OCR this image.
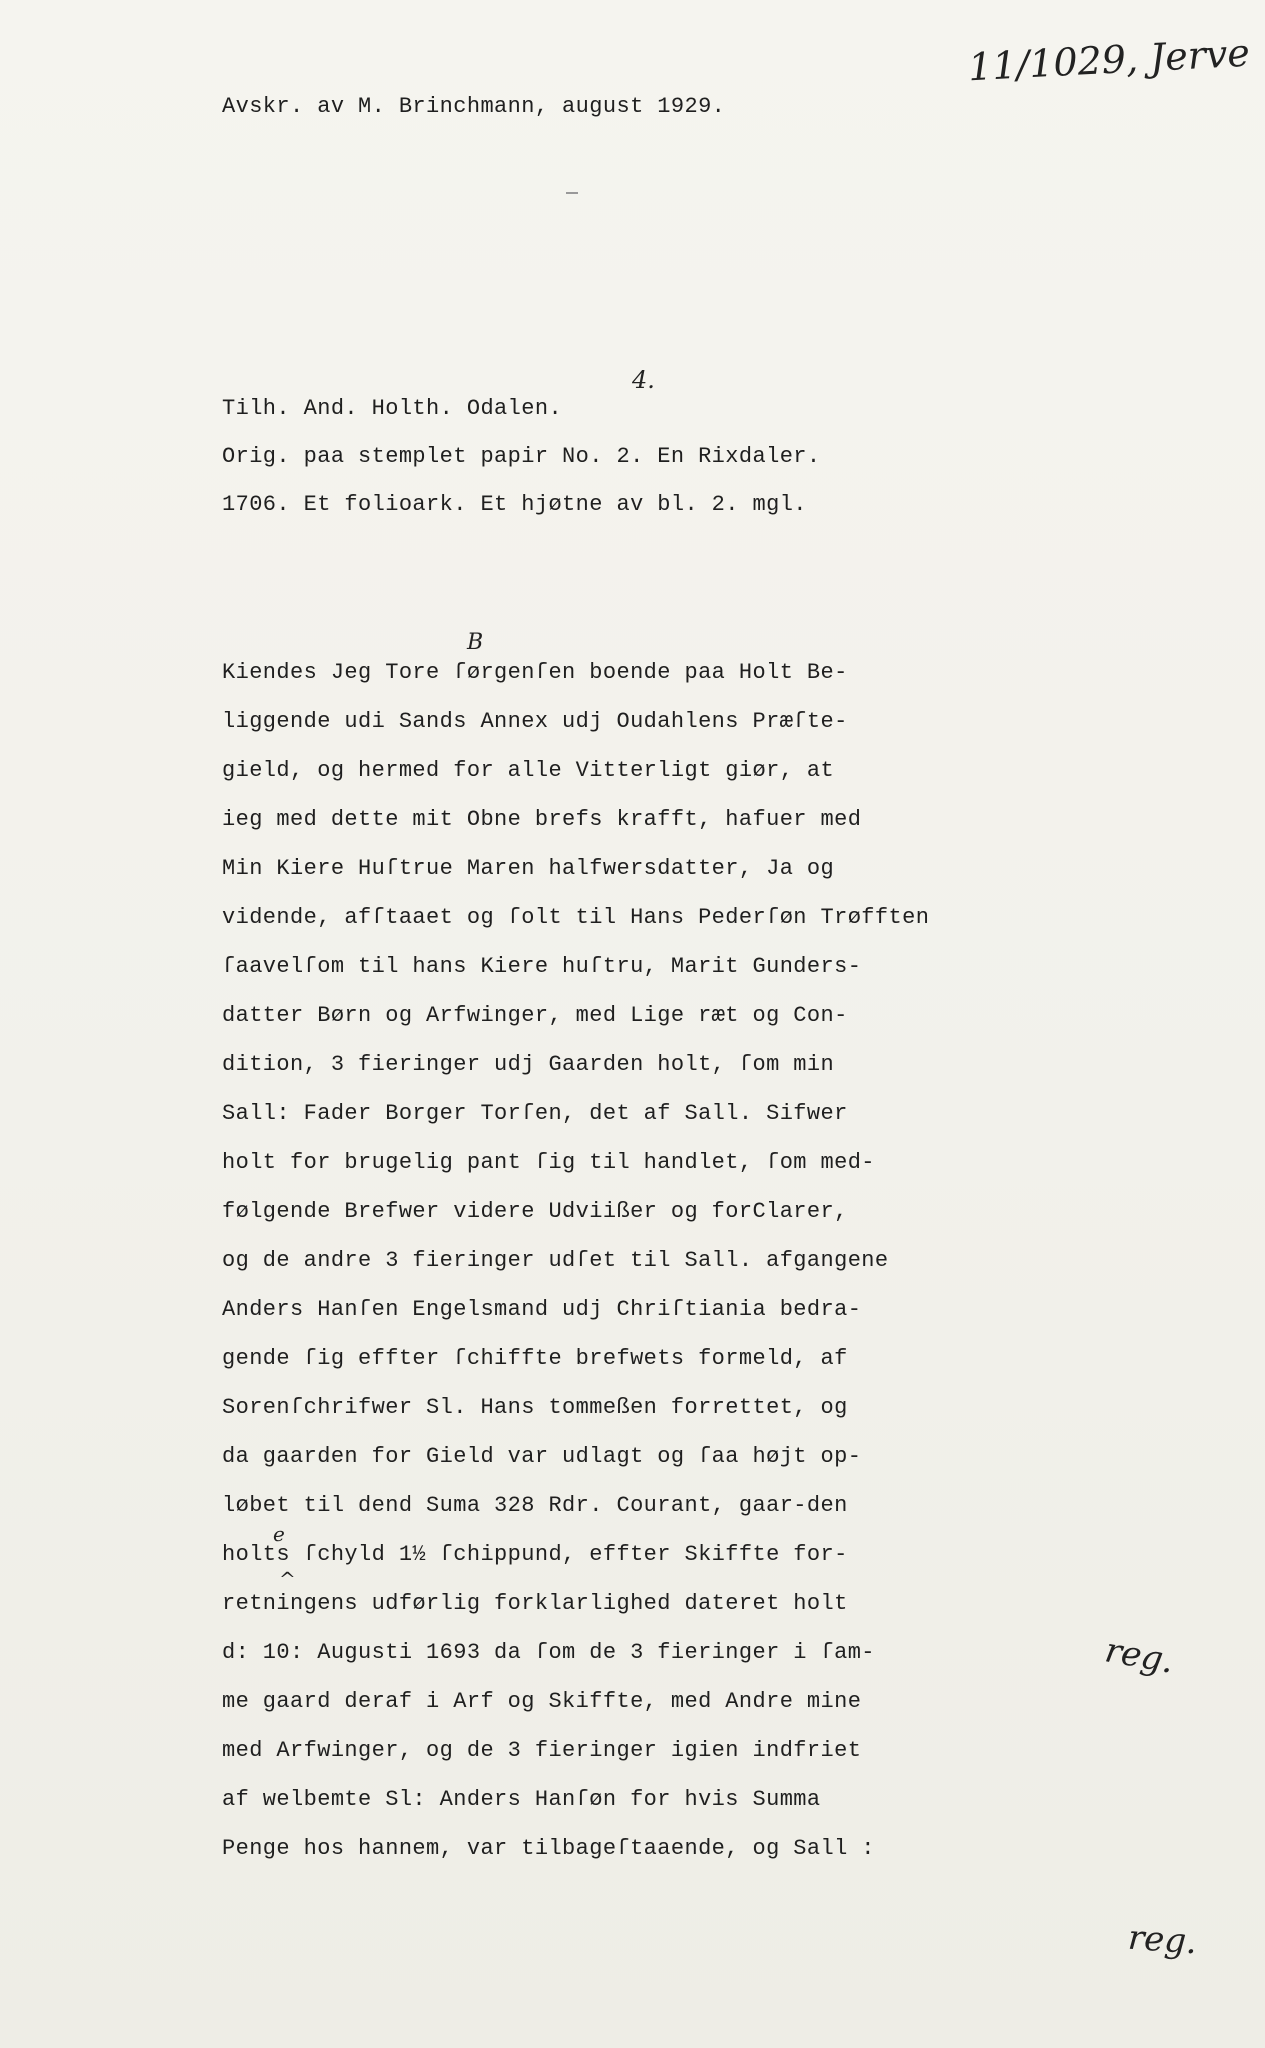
Avskr. av M. Brinchmann, august 1929.

11/1029, Jerve

Tilh. And. Holth. Odalen.

Orig. paa stemplet papir No. 2. En Rixdaler.

1706. Et folioark. Et hjøtne av bl. 2. mgl.

4.

Kiendes Jeg Tore ſørgenſen boende paa Holt Be-

liggende udi Sands Annex udj Oudahlens Præſte-

gield, og hermed for alle Vitterligt giør, at

ieg med dette mit Obne brefs krafft, hafuer med

Min Kiere Huſtrue Maren halfwersdatter, Ja og

vidende, afſtaaet og ſolt til Hans Pederſøn Trøfften

ſaavelſom til hans Kiere huſtru, Marit Gunders-

datter Børn og Arfwinger, med Lige ræt og Con-

dition, 3 fieringer udj Gaarden holt, ſom min

Sall: Fader Borger Torſen, det af Sall. Sifwer

holt for brugelig pant ſig til handlet, ſom med-

følgende Brefwer videre Udviißer og forClarer,

og de andre 3 fieringer udſet til Sall. afgangene

Anders Hanſen Engelsmand udj Chriſtiania bedra-

gende ſig effter ſchiffte brefwets formeld, af

Sorenſchrifwer Sl. Hans tommeßen forrettet, og

da gaarden for Gield var udlagt og ſaa højt op-

løbet til dend Suma 328 Rdr. Courant, gaar-den

holts ſchyld 1½ ſchippund, effter Skiffte for-

retningens udførlig forklarlighed dateret holt

d: 10: Augusti 1693 da ſom de 3 fieringer i ſam-

me gaard deraf i Arf og Skiffte, med Andre mine

med Arfwinger, og de 3 fieringer igien indfriet

af welbemte Sl: Anders Hanſøn for hvis Summa

Penge hos hannem, var tilbageſtaaende, og Sall :

B

e

^

reg.

reg.
